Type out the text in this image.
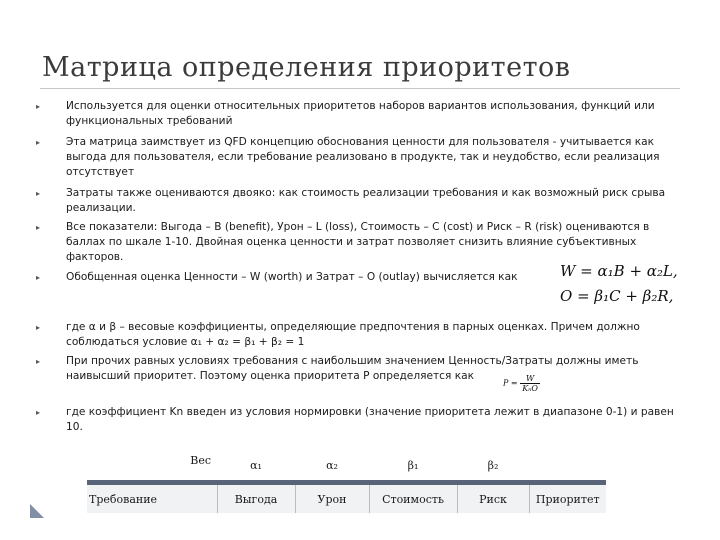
Матрица определения приоритетов
▸ Используется для оценки относительных приоритетов наборов вариантов использования, функций или функциональных требований
▸ Эта матрица заимствует из QFD концепцию обоснования ценности для пользователя - учитывается как выгода для пользователя, если требование реализовано в продукте, так и неудобство, если реализация отсутствует
▸ Затраты также оцениваются двояко: как стоимость реализации требования и как возможный риск срыва реализации.
▸ Все показатели: Выгода – B (benefit), Урон – L (loss), Стоимость – С (cost) и Риск – R (risk) оцениваются в баллах по шкале 1-10. Двойная оценка ценности и затрат позволяет снизить влияние субъективных факторов.
▸ Обобщенная оценка Ценности – W (worth) и Затрат – O (outlay) вычисляется как	W = α₁B + α₂L,
O = β₁C + β₂R,
▸ где α и β – весовые коэффициенты, определяющие предпочтения в парных оценках. Причем должно соблюдаться условие α₁ + α₂ = β₁ + β₂ = 1
▸ При прочих равных условиях требования с наибольшим значением Ценность/Затраты должны иметь наивысший приоритет. Поэтому оценка приоритета P определяется как
$P = \frac{W}{\text{KₙO}}$
▸ где коэффициент Kn введен из условия нормировки (значение приоритета лежит в диапазоне 0-1) и равен 10.
Вес	α₁	α₂	β₁	β₂	

Требование	Выгода	Урон	Стоимость	Риск	Приоритет
